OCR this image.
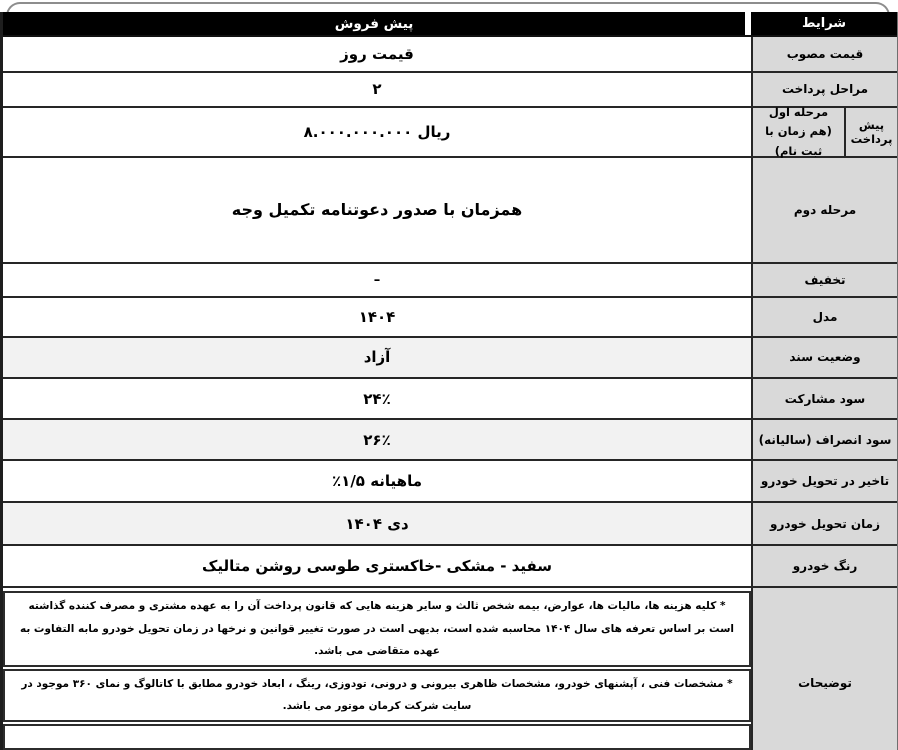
شرایط
پیش فروش
قیمت مصوب
قیمت روز
مراحل پرداخت
۲
پیش پرداخت
مرحله اول
(هم زمان با ثبت نام)
۸.۰۰۰.۰۰۰.۰۰۰ ریال
مرحله دوم
همزمان با صدور دعوتنامه تکمیل وجه
تخفیف
–
مدل
۱۴۰۴
وضعیت سند
آزاد
سود مشارکت
۲۴٪
سود انصراف (سالیانه)
۲۶٪
تاخیر در تحویل خودرو
٪۱/۵ ماهیانه
زمان تحویل خودرو
دی ۱۴۰۴
رنگ خودرو
سفید - مشکی -خاکستری طوسی روشن متالیک
توضیحات
* کلیه هزینه ها، مالیات ها، عوارض، بیمه شخص ثالث و سایر هزینه هایی که قانون پرداخت آن را به عهده مشتری و مصرف کننده گذاشته است بر اساس تعرفه های سال ۱۴۰۴ محاسبه شده است، بدیهی است در صورت تغییر قوانین و نرخها در زمان تحویل خودرو مابه التفاوت به عهده متقاضی می باشد.
* مشخصات فنی ، آپشنهای خودرو، مشخصات ظاهری بیرونی و درونی، تودوزی، رینگ ، ابعاد خودرو مطابق با کاتالوگ و نمای ۳۶۰ موجود در سایت شرکت کرمان موتور می باشد.
